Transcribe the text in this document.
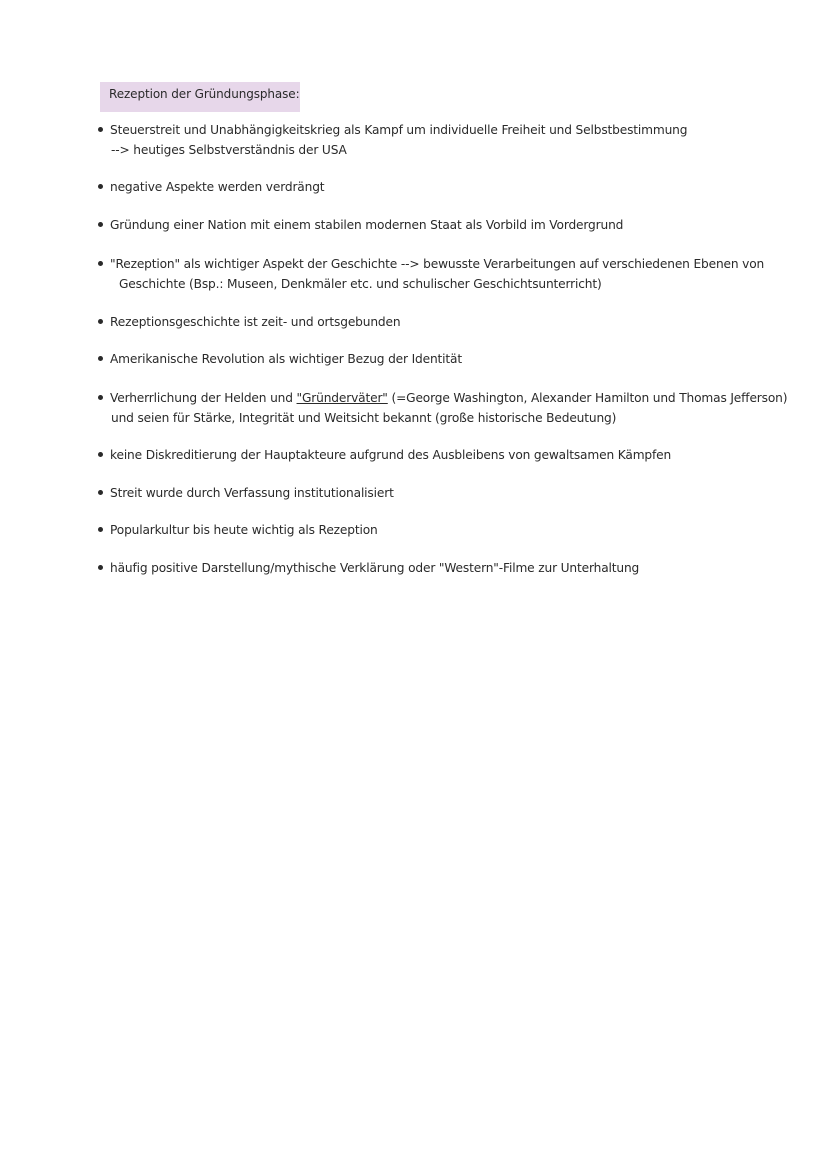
Rezeption der Gründungsphase:
Steuerstreit und Unabhängigkeitskrieg als Kampf um individuelle Freiheit und Selbstbestimmung
--> heutiges Selbstverständnis der USA
negative Aspekte werden verdrängt
Gründung einer Nation mit einem stabilen modernen Staat als Vorbild im Vordergrund
"Rezeption" als wichtiger Aspekt der Geschichte --> bewusste Verarbeitungen auf verschiedenen Ebenen von
Geschichte (Bsp.: Museen, Denkmäler etc. und schulischer Geschichtsunterricht)
Rezeptionsgeschichte ist zeit- und ortsgebunden
Amerikanische Revolution als wichtiger Bezug der Identität
Verherrlichung der Helden und "Gründerväter" (=George Washington, Alexander Hamilton und Thomas Jefferson)
und seien für Stärke, Integrität und Weitsicht bekannt (große historische Bedeutung)
keine Diskreditierung der Hauptakteure aufgrund des Ausbleibens von gewaltsamen Kämpfen
Streit wurde durch Verfassung institutionalisiert
Popularkultur bis heute wichtig als Rezeption
häufig positive Darstellung/mythische Verklärung oder "Western"-Filme zur Unterhaltung
